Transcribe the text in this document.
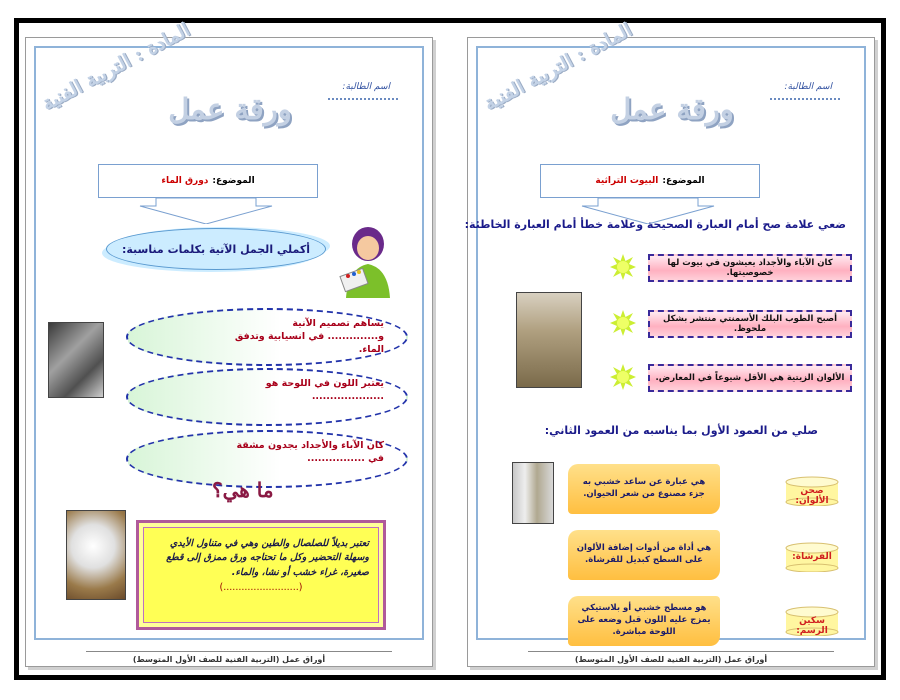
المادة : التربية الفنية
ورقة عمل
اسم الطالبة:
الموضوع:
دورق الماء
أكملي الجمل الآتية بكلمات مناسبة:
يساهم تصميم الآنية و.............. في انسيابية وتدفق الماء.
يعتبر اللون في اللوحة هو ....................
كان الآباء والأجداد يجدون مشقة في ................
ما هي؟
تعتبر بديلاً للصلصال والطين وهي في متناول الأيدي وسهلة التحضير وكل ما تحتاجه ورق ممزق إلى قطع صغيرة، غراء خشب أو نشا، والماء.
(.........................)
أوراق عمل (التربية الفنية للصف الأول المتوسط)
المادة : التربية الفنية
ورقة عمل
اسم الطالبة:
الموضوع:
البيوت التراثية
ضعي علامة صح أمام العبارة الصحيحة وعلامة خطأ أمام العبارة الخاطئة:
كان الآباء والأجداد يعيشون في بيوت لها خصوصيتها.
أصبح الطوب البلك الأسمنتي منتشر بشكل ملحوظ.
الألوان الزيتية هي الأقل شيوعاً في المعارض.
صلي من العمود الأول بما يناسبه من العمود الثاني:
هي عبارة عن ساعد خشبي به جزء مصنوع من شعر الحيوان.
هي أداة من أدوات إضافة الألوان على السطح كبديل للفرشاة.
هو مسطح خشبي أو بلاستيكي يمزج عليه اللون قبل وضعه على اللوحة مباشرة.
صحن الألوان:
الفرشاة:
سكين الرسم:
أوراق عمل (التربية الفنية للصف الأول المتوسط)
